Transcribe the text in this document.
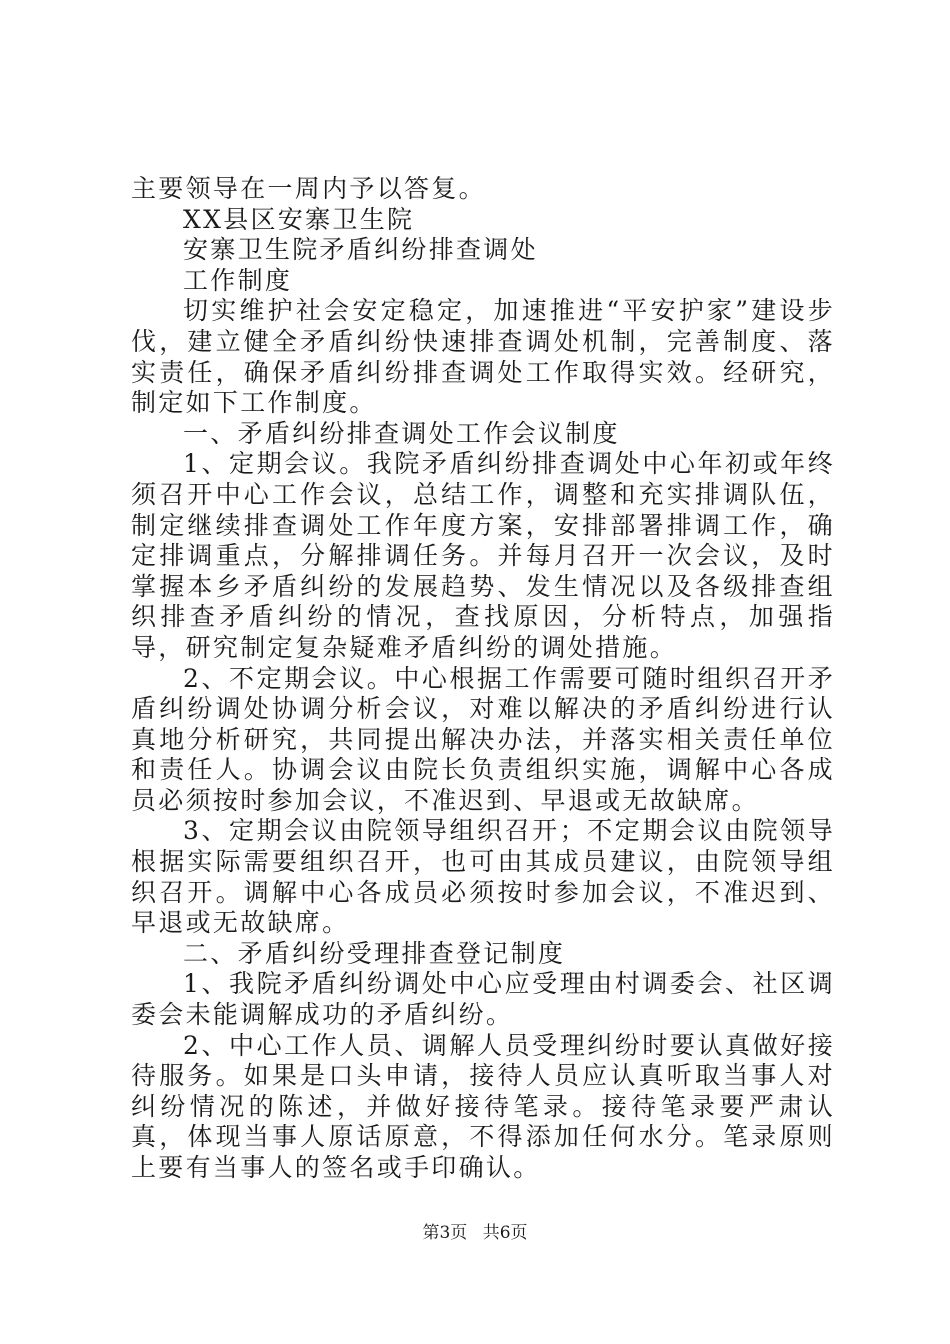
主要领导在一周内予以答复。

XX县区安寨卫生院

安寨卫生院矛盾纠纷排查调处

工作制度

切实维护社会安定稳定，加速推进“平安护家”建设步伐，建立健全矛盾纠纷快速排查调处机制，完善制度、落实责任，确保矛盾纠纷排查调处工作取得实效。经研究，制定如下工作制度。

一、矛盾纠纷排查调处工作会议制度

1、定期会议。我院矛盾纠纷排查调处中心年初或年终须召开中心工作会议，总结工作，调整和充实排调队伍，制定继续排查调处工作年度方案，安排部署排调工作，确定排调重点，分解排调任务。并每月召开一次会议，及时掌握本乡矛盾纠纷的发展趋势、发生情况以及各级排查组织排查矛盾纠纷的情况，查找原因，分析特点，加强指导，研究制定复杂疑难矛盾纠纷的调处措施。

2、不定期会议。中心根据工作需要可随时组织召开矛盾纠纷调处协调分析会议，对难以解决的矛盾纠纷进行认真地分析研究，共同提出解决办法，并落实相关责任单位和责任人。协调会议由院长负责组织实施，调解中心各成员必须按时参加会议，不准迟到、早退或无故缺席。

3、定期会议由院领导组织召开；不定期会议由院领导根据实际需要组织召开，也可由其成员建议，由院领导组织召开。调解中心各成员必须按时参加会议，不准迟到、早退或无故缺席。

二、矛盾纠纷受理排查登记制度

1、我院矛盾纠纷调处中心应受理由村调委会、社区调委会未能调解成功的矛盾纠纷。

2、中心工作人员、调解人员受理纠纷时要认真做好接待服务。如果是口头申请，接待人员应认真听取当事人对纠纷情况的陈述，并做好接待笔录。接待笔录要严肃认真，体现当事人原话原意，不得添加任何水分。笔录原则上要有当事人的签名或手印确认。

第3页 共6页
